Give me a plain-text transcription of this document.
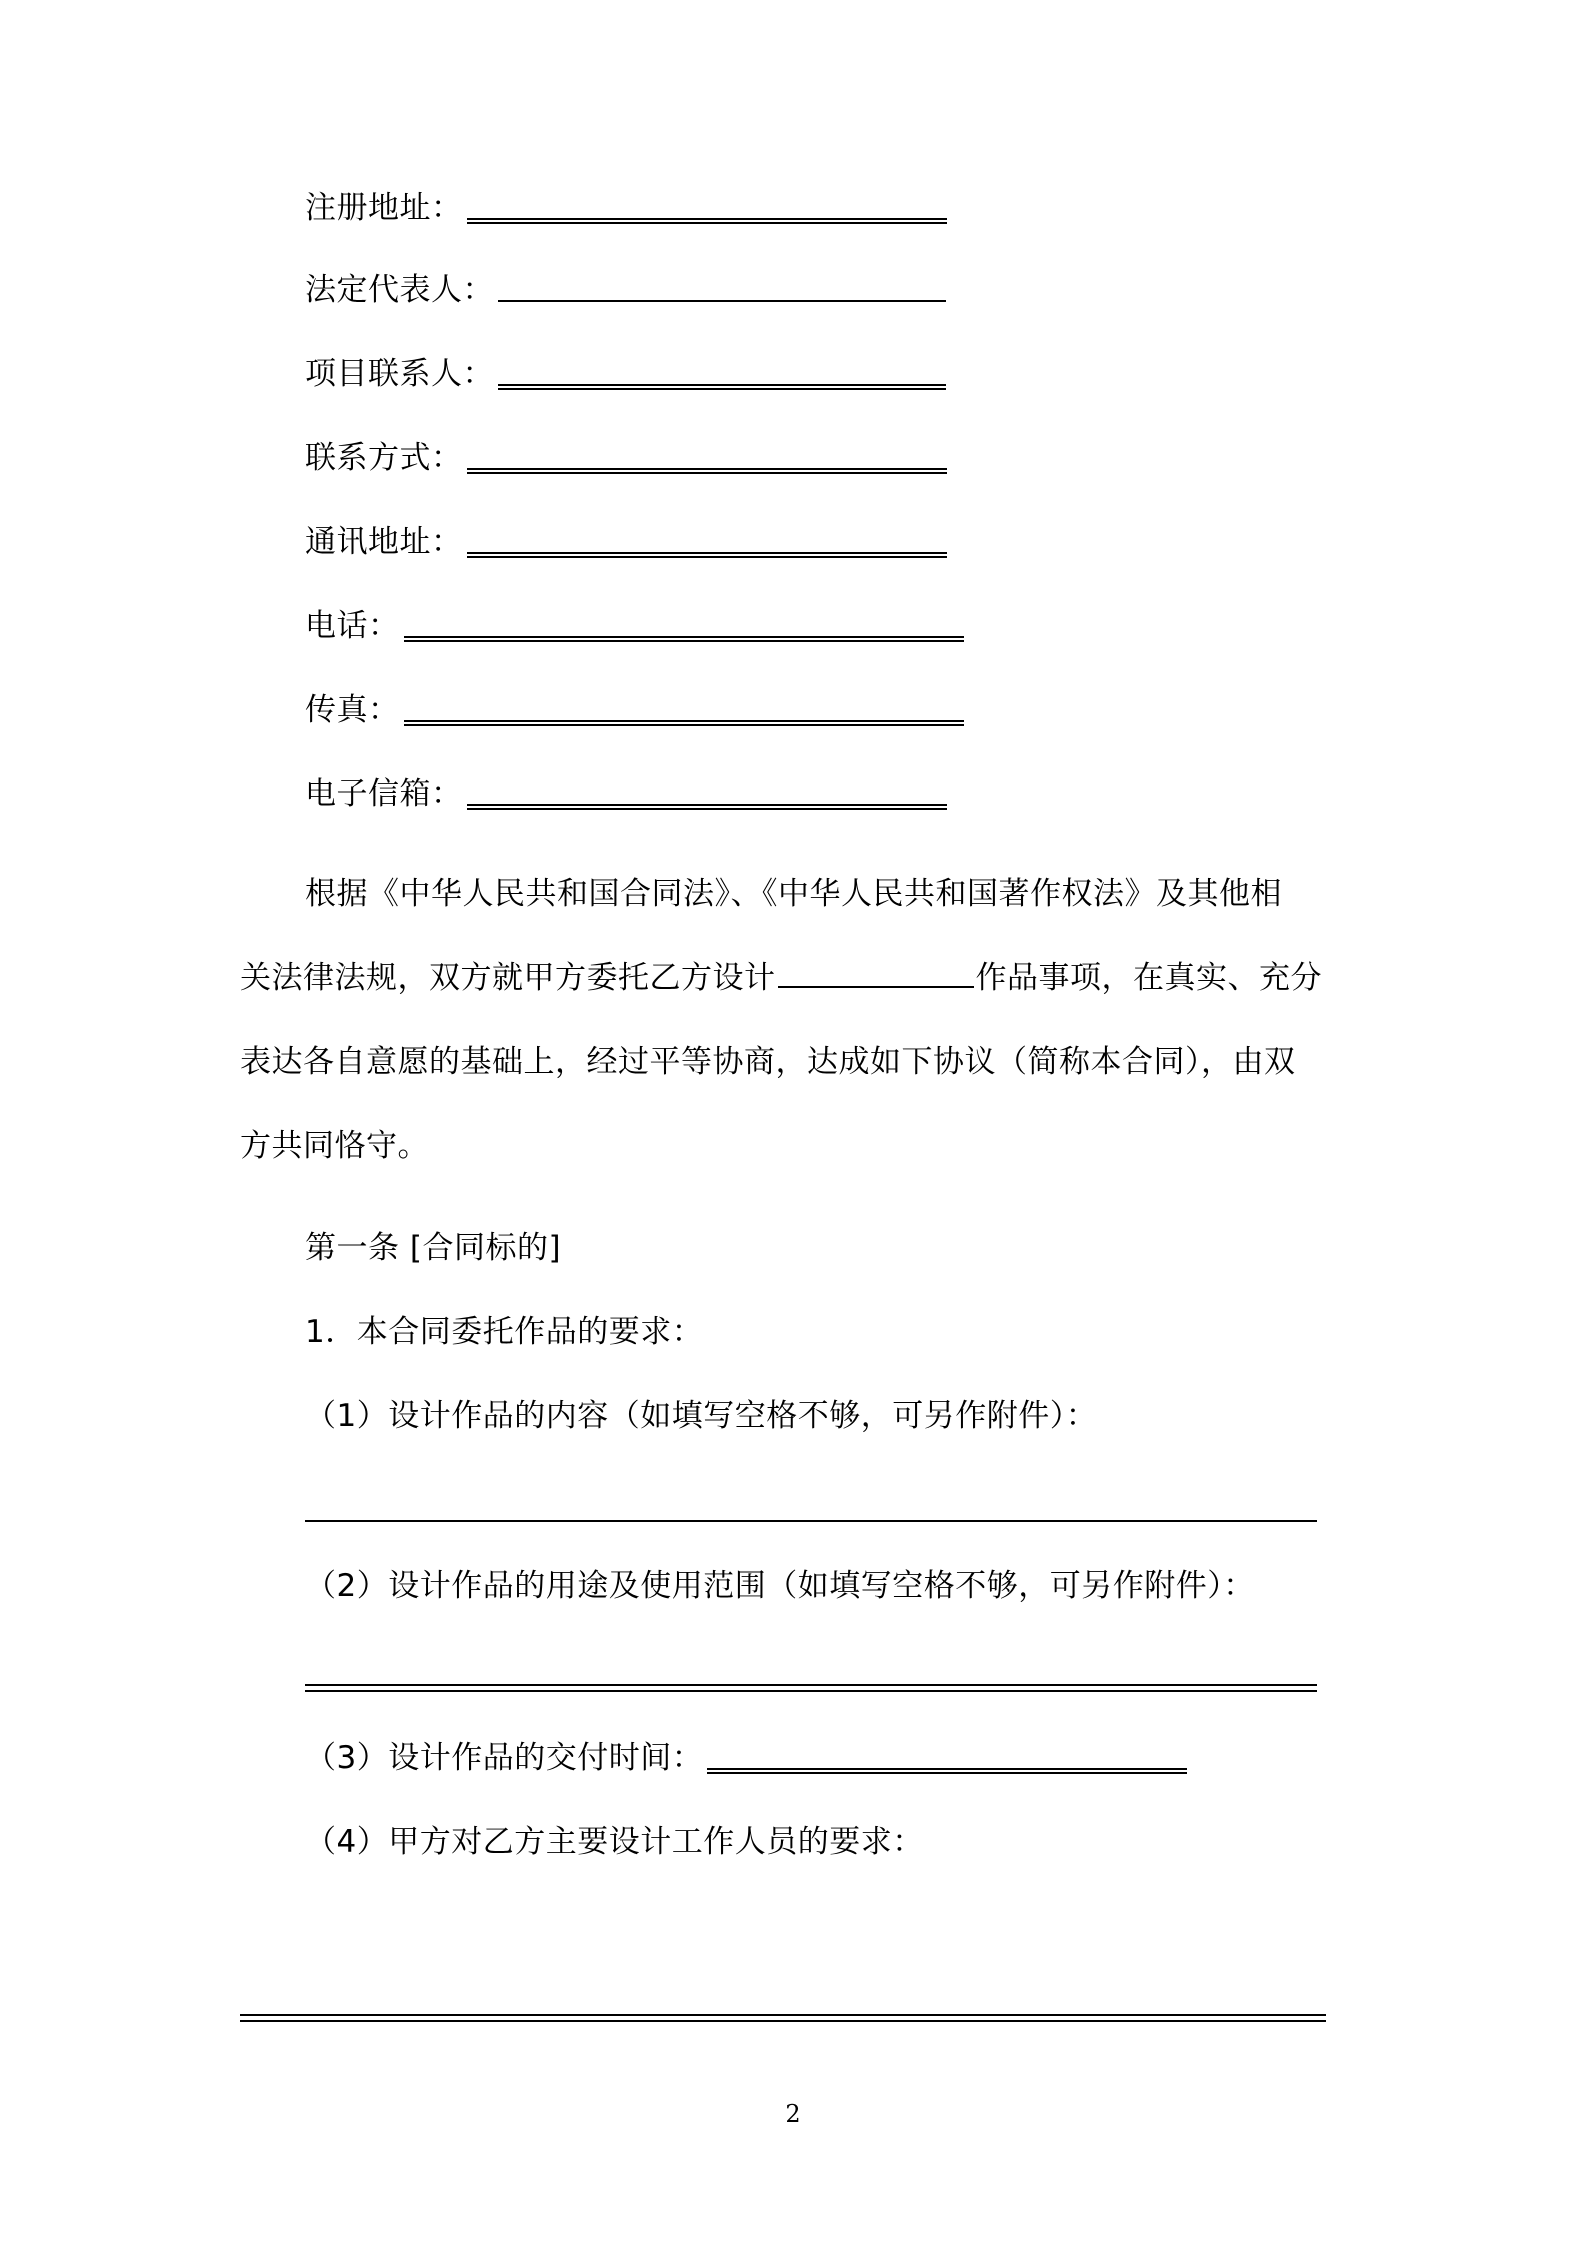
注册地址：
法定代表人：
项目联系人：
联系方式：
通讯地址：
电话：
传真：
电子信箱：
根据《中华人民共和国合同法》、《中华人民共和国著作权法》及其他相
关法律法规，双方就甲方委托乙方设计	作品事项，在真实、充分
表达各自意愿的基础上，经过平等协商，达成如下协议（简称本合同），由双
方共同恪守。
第一条 [合同标的]
1．本合同委托作品的要求：
（1）设计作品的内容（如填写空格不够，可另作附件）：
（2）设计作品的用途及使用范围（如填写空格不够，可另作附件）：
（3）设计作品的交付时间：
（4）甲方对乙方主要设计工作人员的要求：
2
